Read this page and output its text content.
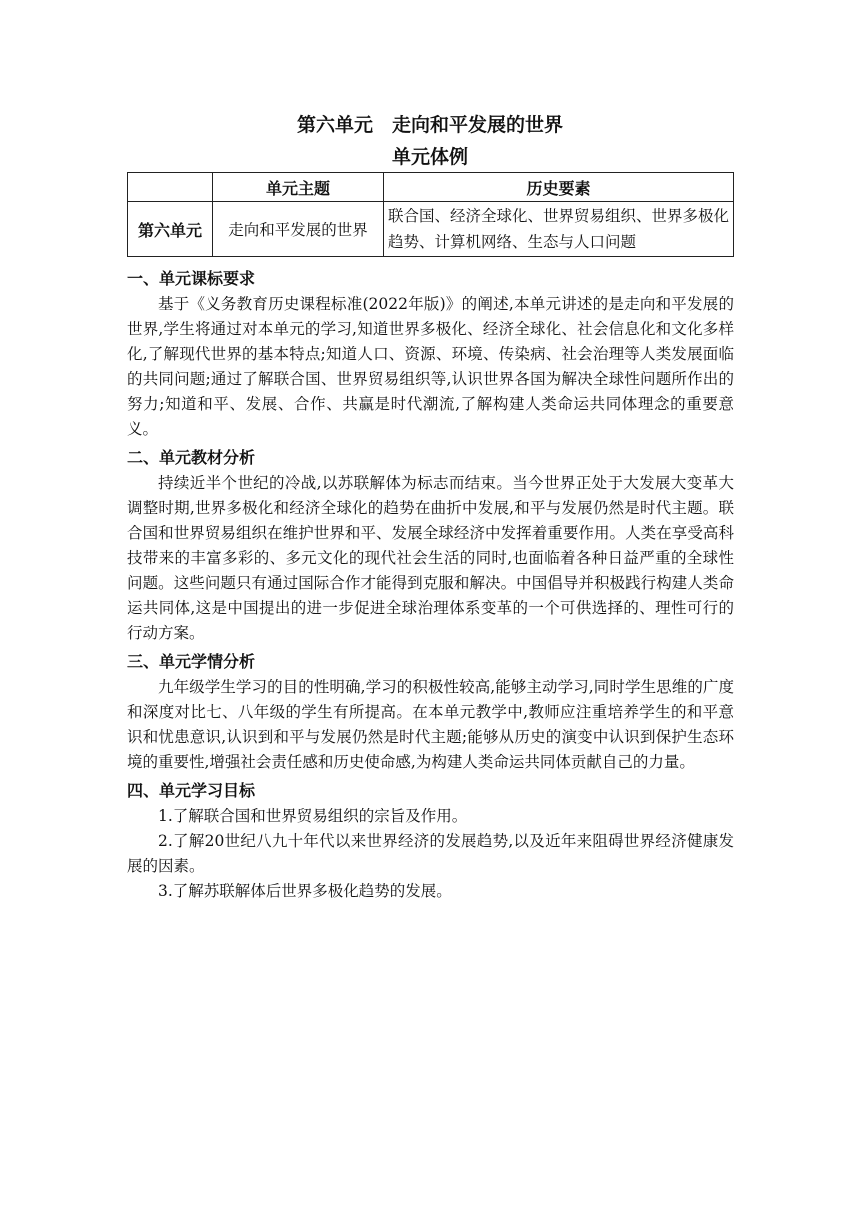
第六单元　走向和平发展的世界
单元体例
	单元主题	历史要素
第六单元	走向和平发展的世界	联合国、经济全球化、世界贸易组织、世界多极化趋势、计算机网络、生态与人口问题
一、单元课标要求

基于《义务教育历史课程标准(2022年版)》的阐述,本单元讲述的是走向和平发展的世界,学生将通过对本单元的学习,知道世界多极化、经济全球化、社会信息化和文化多样化,了解现代世界的基本特点;知道人口、资源、环境、传染病、社会治理等人类发展面临的共同问题;通过了解联合国、世界贸易组织等,认识世界各国为解决全球性问题所作出的努力;知道和平、发展、合作、共赢是时代潮流,了解构建人类命运共同体理念的重要意义。

二、单元教材分析

持续近半个世纪的冷战,以苏联解体为标志而结束。当今世界正处于大发展大变革大调整时期,世界多极化和经济全球化的趋势在曲折中发展,和平与发展仍然是时代主题。联合国和世界贸易组织在维护世界和平、发展全球经济中发挥着重要作用。人类在享受高科技带来的丰富多彩的、多元文化的现代社会生活的同时,也面临着各种日益严重的全球性问题。这些问题只有通过国际合作才能得到克服和解决。中国倡导并积极践行构建人类命运共同体,这是中国提出的进一步促进全球治理体系变革的一个可供选择的、理性可行的行动方案。

三、单元学情分析

九年级学生学习的目的性明确,学习的积极性较高,能够主动学习,同时学生思维的广度和深度对比七、八年级的学生有所提高。在本单元教学中,教师应注重培养学生的和平意识和忧患意识,认识到和平与发展仍然是时代主题;能够从历史的演变中认识到保护生态环境的重要性,增强社会责任感和历史使命感,为构建人类命运共同体贡献自己的力量。

四、单元学习目标

1.了解联合国和世界贸易组织的宗旨及作用。

2.了解20世纪八九十年代以来世界经济的发展趋势,以及近年来阻碍世界经济健康发展的因素。

3.了解苏联解体后世界多极化趋势的发展。
